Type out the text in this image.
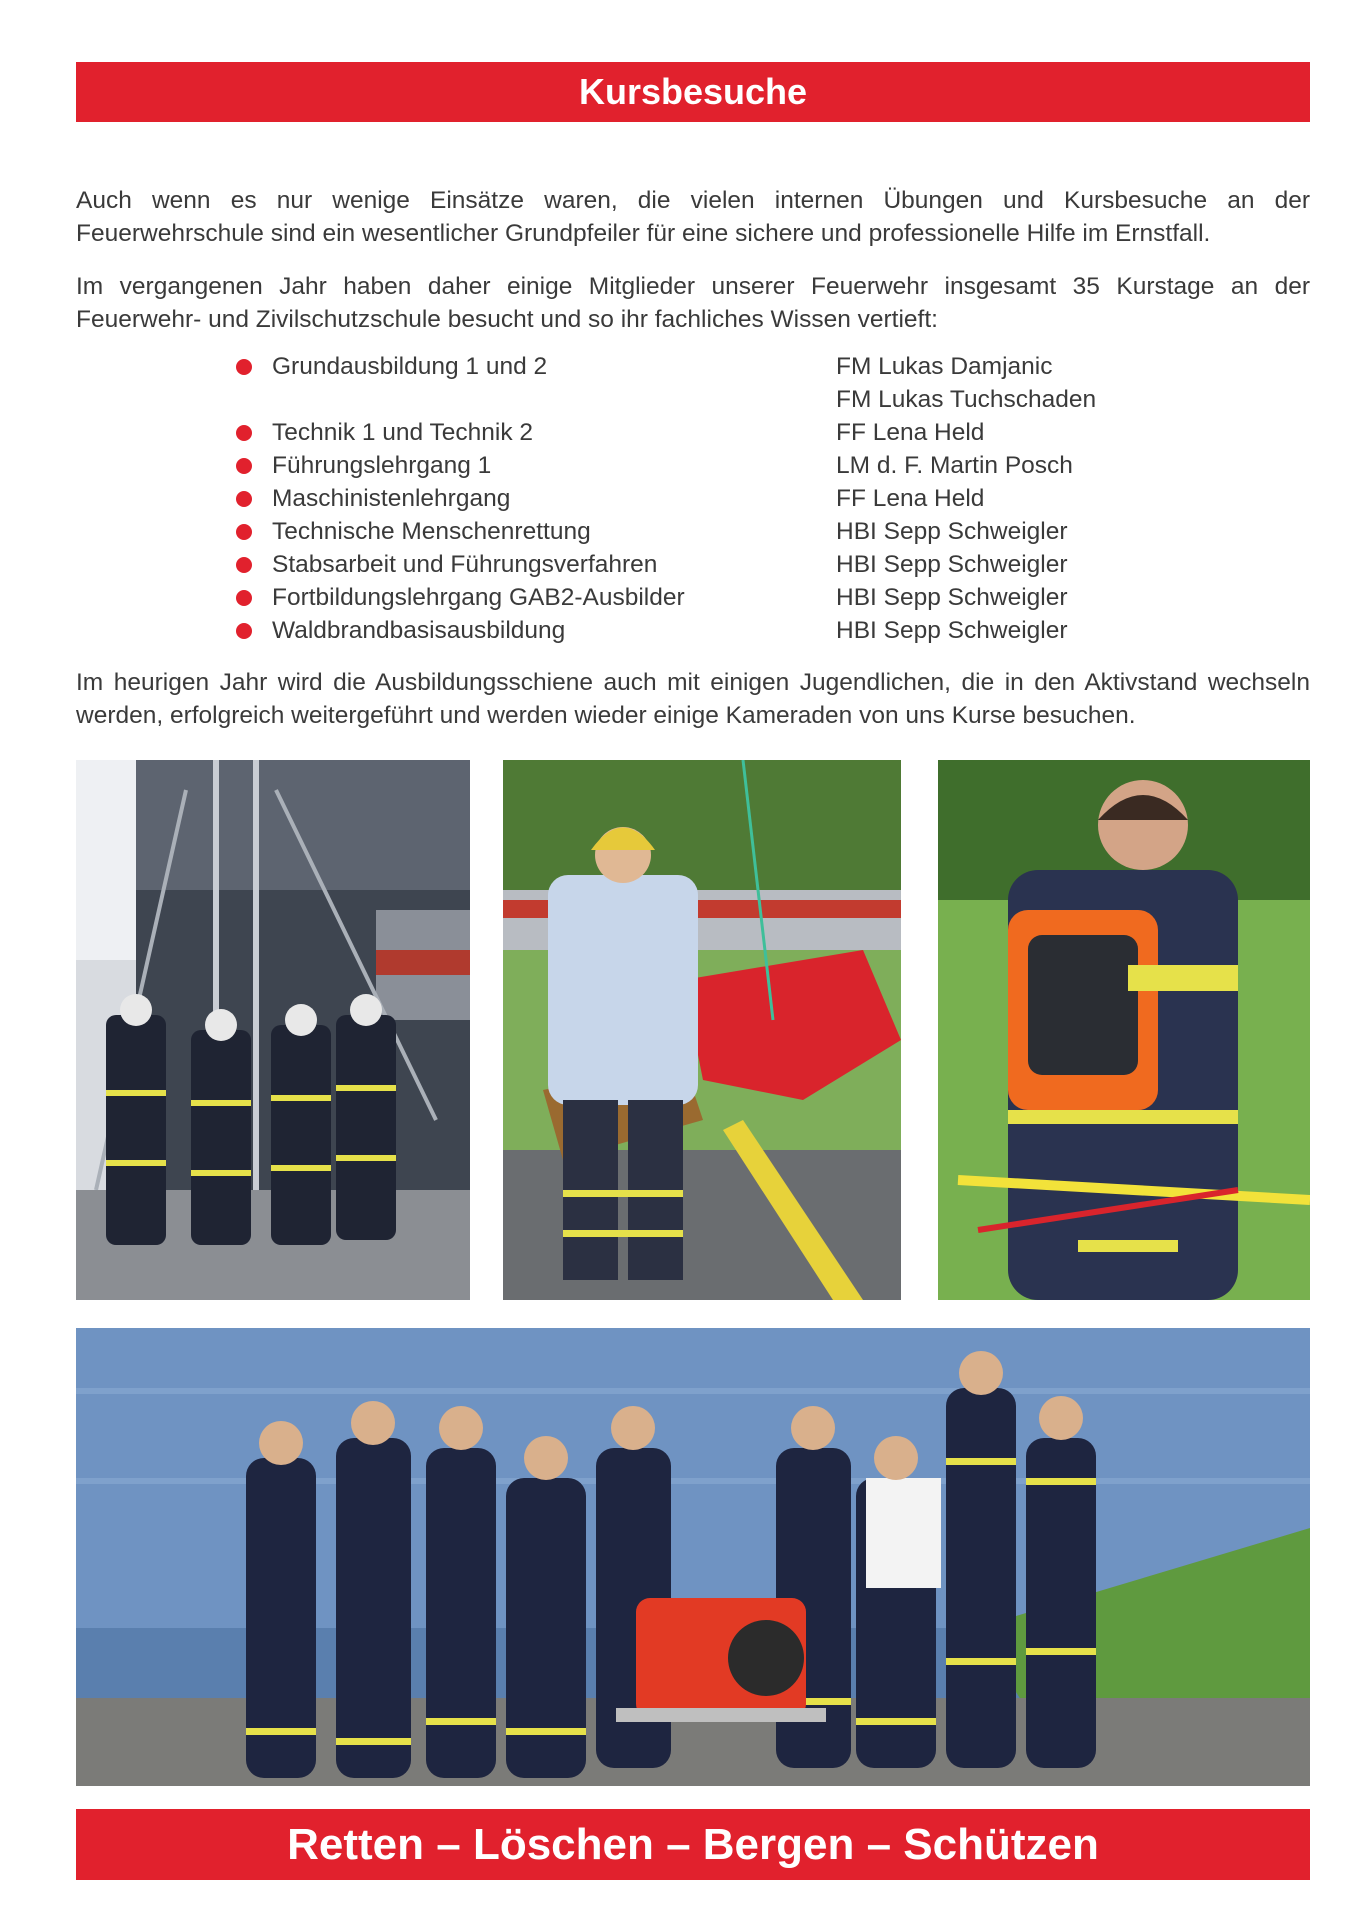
Kursbesuche

Auch wenn es nur wenige Einsätze waren, die vielen internen Übungen und Kursbesuche an der Feuerwehrschule sind ein wesentlicher Grundpfeiler für eine sichere und professionelle Hilfe im Ernstfall.

Im vergangenen Jahr haben daher einige Mitglieder unserer Feuerwehr insgesamt 35 Kurstage an der Feuerwehr- und Zivilschutzschule besucht und so ihr fachliches Wissen vertieft:

Grundausbildung 1 und 2	FM Lukas Damjanic
FM Lukas Tuchschaden
Technik 1 und Technik 2	FF Lena Held
Führungslehrgang 1	LM d. F. Martin Posch
Maschinistenlehrgang	FF Lena Held
Technische Menschenrettung	HBI Sepp Schweigler
Stabsarbeit und Führungsverfahren	HBI Sepp Schweigler
Fortbildungslehrgang GAB2-Ausbilder	HBI Sepp Schweigler
Waldbrandbasisausbildung	HBI Sepp Schweigler

Im heurigen Jahr wird die Ausbildungsschiene auch mit einigen Jugendlichen, die in den Aktivstand wechseln werden, erfolgreich weitergeführt und werden wieder einige Kameraden von uns Kurse besuchen.

Retten – Löschen – Bergen – Schützen
